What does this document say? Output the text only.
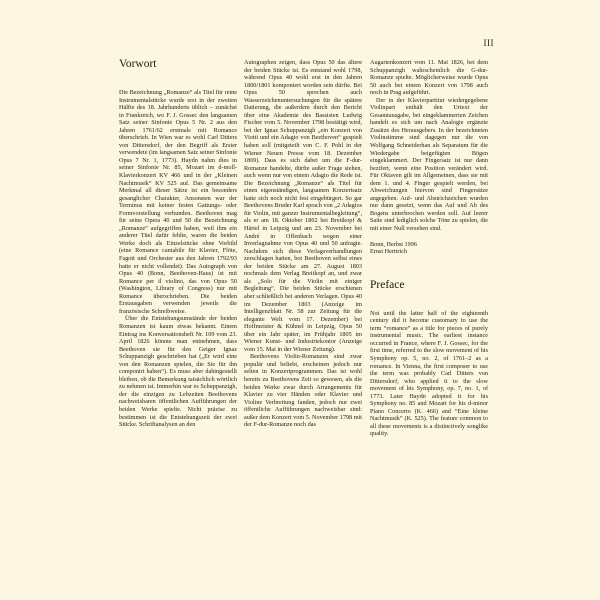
III
Vorwort

Die Bezeichnung „Romanze“ als Titel für reine Instrumentalstücke wurde erst in der zweiten Hälfte des 18. Jahrhunderts üblich – zunächst in Frankreich, wo F. J. Gossec den langsamen Satz seiner Sinfonie Opus 5 Nr. 2 aus den Jahren 1761/62 erstmals mit Romance überschrieb. In Wien war es wohl Carl Ditters von Dittersdorf, der den Begriff als Erster verwendete (im langsamen Satz seiner Sinfonie Opus 7 Nr. 1, 1773). Haydn nahm dies in seiner Sinfonie Nr. 85, Mozart im d-moll-Klavierkonzert KV 466 und in der „Kleinen Nachtmusik“ KV 525 auf. Das gemeinsame Merkmal all dieser Sätze ist ein besonders gesanglicher Charakter, Ansonsten war der Terminus mit keiner festen Gattungs- oder Formvorstellung verbunden. Beethoven mag für seine Opera 40 und 50 die Bezeichnung „Romanze“ aufgegriffen haben, weil ihm ein anderer Titel dafür fehlte, waren die beiden Werke doch als Einzelstücke ohne Vorbild (eine Romance cantabile für Klavier, Flöte, Fagott und Orchester aus den Jahren 1792/93 hatte er nicht vollendet). Das Autograph von Opus 40 (Bonn, Beethoven-Haus) ist mit Romance per il violino, das von Opus 50 (Washington, Library of Congress) nur mit Romance überschrieben. Die beiden Erstausgaben verwenden jeweils die französische Schreibweise.

Über die Entstehungsumstände der beiden Romanzen ist kaum etwas bekannt. Einem Eintrag ins Konversationsheft Nr. 109 vom 23. April 1826 könnte man entnehmen, dass Beethoven sie für den Geiger Ignaz Schuppanzigh geschrieben hat („Er wird eine von den Romanzen spielen, die Sie für ihn componirt haben“). Es muss aber dahingestellt bleiben, ob die Bemerkung tatsächlich wörtlich zu nehmen ist. Immerhin war es Schuppanzigh, der die einzigen zu Lebzeiten Beethovens nachweisbaren öffentlichen Aufführungen der beiden Werke spielte. Nicht präzise zu bestimmen ist die Entstehungszeit der zwei Stücke. Schriftanalysen an den

Autographen zeigen, dass Opus 50 das ältere der beiden Stücke ist. Es entstand wohl 1798, während Opus 40 wohl erst in den Jahren 1800/1801 komponiert worden sein dürfte. Bei Opus 50 sprechen auch Wasserzeichenuntersuchungen für die spätere Datierung, die außerdem durch den Bericht über eine Akademie des Bassisten Ludwig Fischer vom 5. November 1798 bestätigt wird, bei der Ignaz Schuppanzigh „ein Konzert von Viotti und ein Adagio von Beethoven“ gespielt haben soll (mitgeteilt von C. F. Pohl in der Wiener Neuen Presse vom 18. Dezember 1869). Dass es sich dabei um die F-dur-Romanze handelte, dürfte außer Frage stehen, auch wenn nur von einem Adagio die Rede ist. Die Bezeichnung „Romanze“ als Titel für einen eigenständigen, langsamen Konzertsatz hatte sich noch nicht fest eingebürgert. So gar Beethovens Bruder Karl sprach von „2 Adagios für Violin, mit ganzer Instrumentalbegleitung“, als er am 18. Oktober 1802 bei Breitkopf & Härtel in Leipzig und am 23. November bei André in Offenbach wegen einer Inverlagnahme von Opus 40 und 50 anfragte. Nachdem sich diese Verlagsverhandlungen zerschlagen hatten, bot Beethoven selbst eines der beiden Stücke am 27. August 1803 nochmals dem Verlag Breitkopf an, und zwar als „Solo für die Violin mit einiger Begleitung“. Die beiden Stücke erschienen aber schließlich bei anderen Verlagen. Opus 40 im Dezember 1803 (Anzeige im Intelligenzblatt Nr. 58 zur Zeitung für die elegante Welt vom 17. Dezember) bei Hoffmeister & Kühnel in Leipzig, Opus 50 über ein Jahr später, im Frühjahr 1805 im Wiener Kunst- und Industriekontor (Anzeige vom 15. Mai in der Wiener Zeitung).

Beethovens Violin-Romanzen sind zwar populär und beliebt, erscheinen jedoch nur selten in Konzertprogrammen. Das ist wohl bereits zu Beethovens Zeit so gewesen, als die beiden Werke zwar durch Arrangements für Klavier zu vier Händen oder Klavier und Violine Verbreitung fanden, jedoch nur zwei öffentliche Aufführungen nachweisbar sind: außer dem Konzert vom 5. November 1798 mit der F-dur-Romanze noch das

Augartenkonzert vom 11. Mai 1826, bei dem Schuppanzigh wahrscheinlich die G-dur-Romanze spielte. Möglicherweise wurde Opus 50 auch bei einem Konzert von 1798 auch noch in Prag aufgeführt.

Der in der Klavierpartitur wiedergegebene Violinpart enthält den Urtext der Gesamtausgabe, bei eingeklammerten Zeichen handelt es sich um nach Analogie ergänzte Zusätze des Herausgebers. In der bezeichneten Violinstimme sind dagegen nur die von Wolfgang Schneiderhan als Separatum für die Wiedergabe beigefügten Bögen eingeklammert. Der Fingersatz ist nur dann bezifert, wenn eine Position verändert wird. Für Oktaven gilt im Allgemeinen, dass sie mit dem 1. und 4. Finger gespielt werden, bei Abweichungen hiervon sind Fingersätze angegeben. Auf- und Abstrichzeichen wurden nur dann gesetzt, wenn das Auf und Ab des Bogens unterbrochen werden soll. Auf leerer Saite sind lediglich solche Töne zu spielen, die mit einer Null versehen sind.

Bonn, Herbst 1996

Ernst Herttrich

Preface

Not until the latter half of the eighteenth century did it become customary to use the term “romance” as a title for pieces of purely instrumental music. The earliest instance occurred in France, where F. J. Gossec, for the first time, referred to the slow movement of his Symphony op. 5, no. 2, of 1761–2 as a romance. In Vienna, the first composer to use the term was probably Carl Ditters von Dittersdorf, who applied it to the slow movement of his Symphony, op. 7, no. 1, of 1773. Later Haydn adopted it for his Symphony no. 85 and Mozart for his d-minor Piano Concerto (K. 466) and “Eine kleine Nachtmusik” (K. 525). The feature common to all these movements is a distinctively songlike quality.
